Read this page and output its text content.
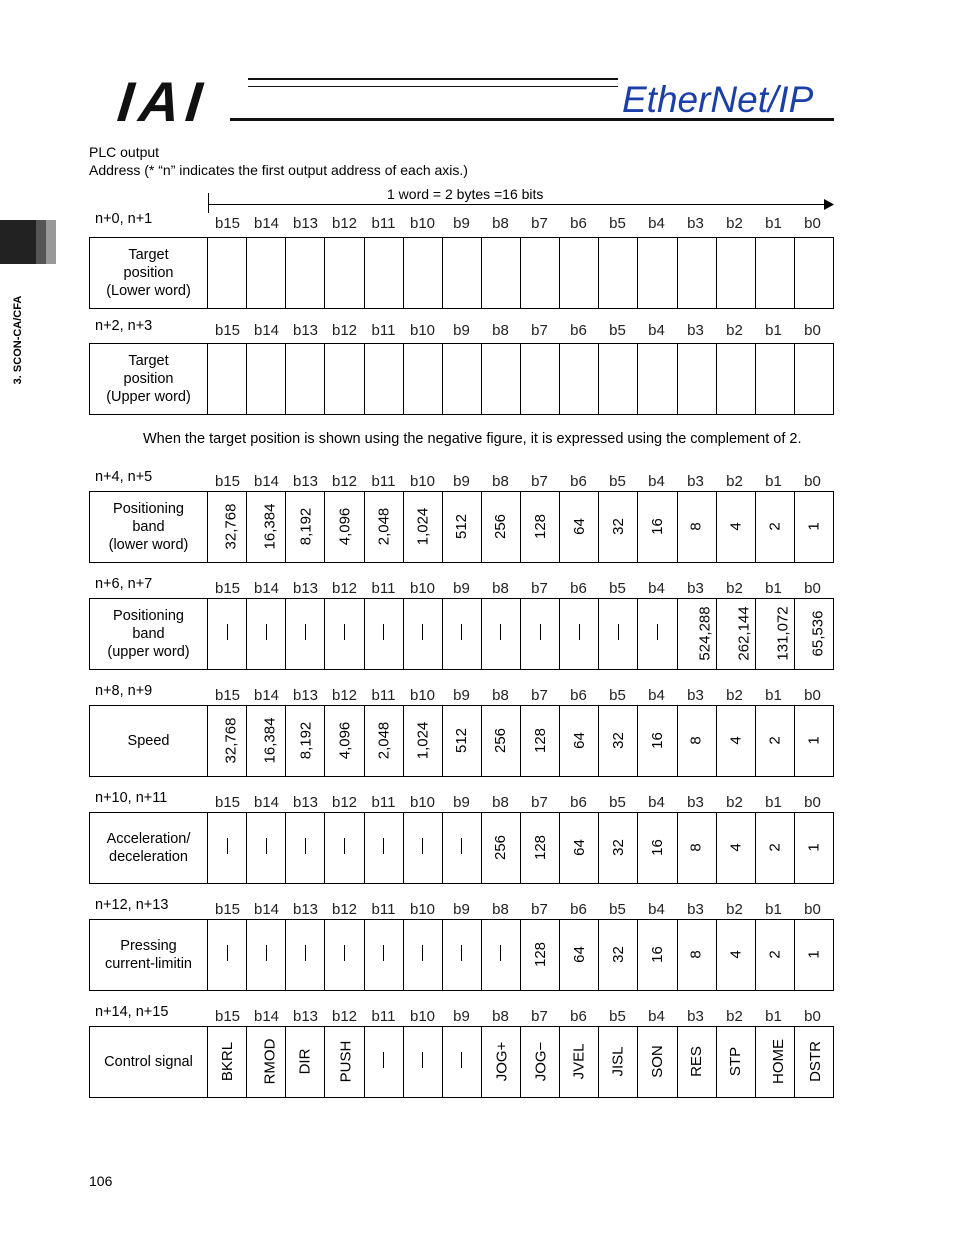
IAI	EtherNet/IP
3. SCON-CA/CFA
PLC output
Address (* “n” indicates the first output address of each axis.)
1 word = 2 bytes =16 bits
n+0, n+1	b15 b14 b13 b12 b11 b10	b9	b8	b7	b6	b5	b4	b3	b2	b1	b0
Target
position
(Lower word)

n+2, n+3	b15 b14 b13 b12 b11 b10	b9	b8	b7	b6	b5	b4	b3	b2	b1	b0
Target
position
(Upper word)

n+4, n+5	b15 b14 b13 b12 b11 b10	b9	b8	b7	b6	b5	b4	b3	b2	b1	b0
Positioning
band
(lower word)	32,768	16,384	8,192	4,096	2,048	1,024	512	256	128	64	32	16	8	4	2	1
n+6, n+7	b15 b14 b13 b12 b11 b10	b9	b8	b7	b6	b5	b4	b3	b2	b1	b0
Positioning
band
(upper word)													524,288	262,144	131,072	65,536
n+8, n+9	b15 b14 b13 b12 b11 b10	b9	b8	b7	b6	b5	b4	b3	b2	b1	b0
Speed	32,768	16,384	8,192	4,096	2,048	1,024	512	256	128	64	32	16	8	4	2	1
n+10, n+11	b15 b14 b13 b12 b11 b10	b9	b8	b7	b6	b5	b4	b3	b2	b1	b0
Acceleration/
deceleration								256	128	64	32	16	8	4	2	1
n+12, n+13	b15 b14 b13 b12 b11 b10	b9	b8	b7	b6	b5	b4	b3	b2	b1	b0
Pressing
current-limitin									128	64	32	16	8	4	2	1
n+14, n+15	b15 b14 b13 b12 b11 b10	b9	b8	b7	b6	b5	b4	b3	b2	b1	b0
Control signal	BKRL	RMOD	DIR	PUSH				JOG+	JOG−	JVEL	JISL	SON	RES	STP	HOME	DSTR
When the target position is shown using the negative figure, it is expressed using the complement of 2.
106
